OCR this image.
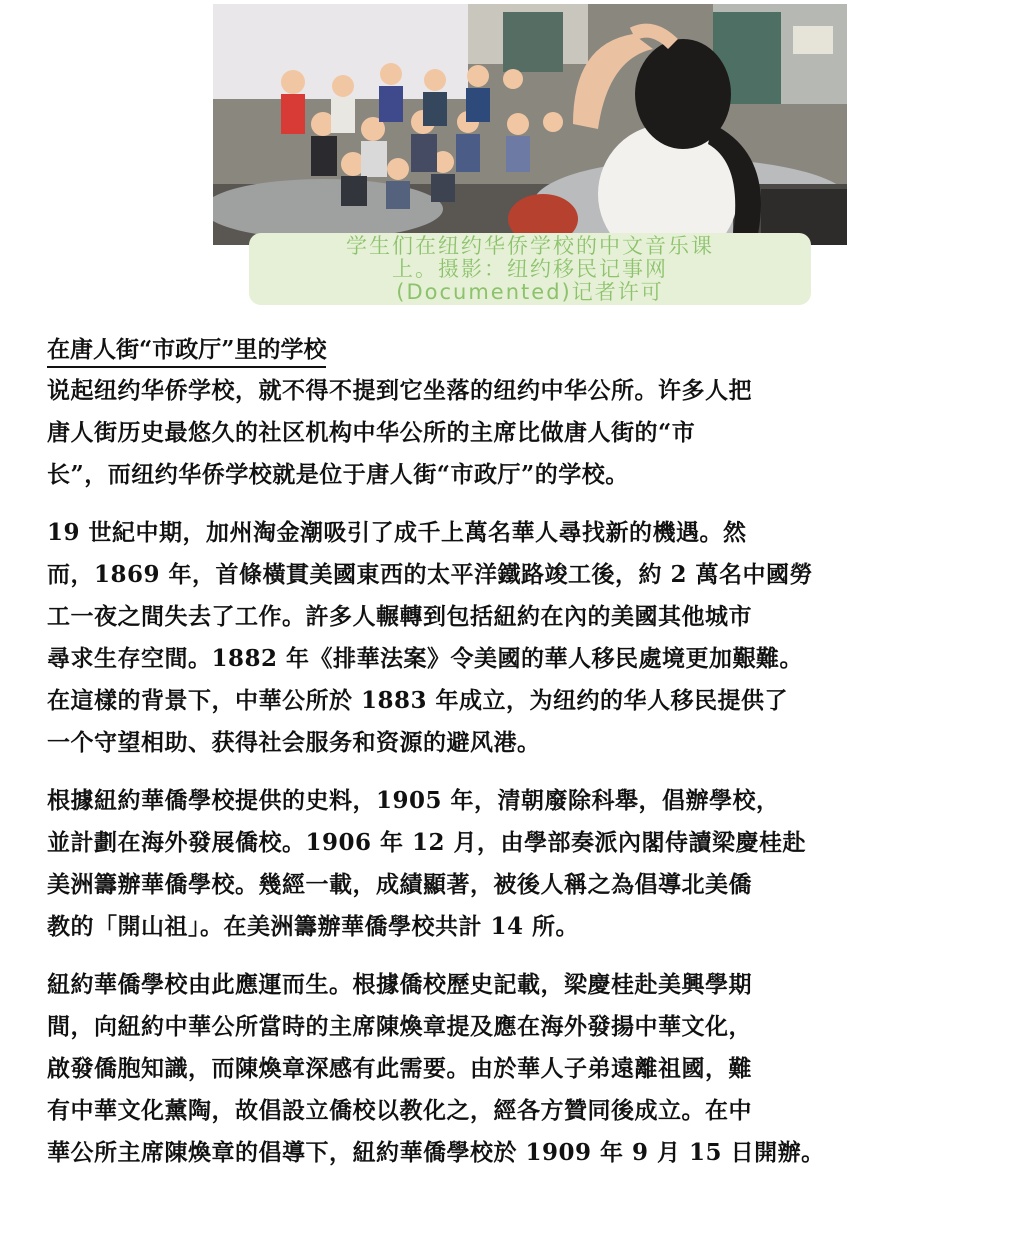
学生们在纽约华侨学校的中文音乐课
上。摄影：纽约移民记事网
(Documented)记者许可
在唐人街“市政厅”里的学校
说起纽约华侨学校，就不得不提到它坐落的纽约中华公所。许多人把
唐人街历史最悠久的社区机构中华公所的主席比做唐人街的“市
长”，而纽约华侨学校就是位于唐人街“市政厅”的学校。
19 世紀中期，加州淘金潮吸引了成千上萬名華人尋找新的機遇。然
而，1869 年，首條橫貫美國東西的太平洋鐵路竣工後，約 2 萬名中國勞
工一夜之間失去了工作。許多人輾轉到包括紐約在內的美國其他城市
尋求生存空間。1882 年《排華法案》令美國的華人移民處境更加艱難。
在這樣的背景下，中華公所於 1883 年成立，为纽约的华人移民提供了
一个守望相助、获得社会服务和资源的避风港。
根據紐約華僑學校提供的史料，1905 年，清朝廢除科舉，倡辦學校，
並計劃在海外發展僑校。1906 年 12 月，由學部奏派內閣侍讀梁慶桂赴
美洲籌辦華僑學校。幾經一載，成績顯著，被後人稱之為倡導北美僑
教的「開山祖」。在美洲籌辦華僑學校共計 14 所。
紐約華僑學校由此應運而生。根據僑校歷史記載，梁慶桂赴美興學期
間，向紐約中華公所當時的主席陳煥章提及應在海外發揚中華文化，
啟發僑胞知識，而陳煥章深感有此需要。由於華人子弟遠離祖國，難
有中華文化薰陶，故倡設立僑校以教化之，經各方贊同後成立。在中
華公所主席陳煥章的倡導下，紐約華僑學校於 1909 年 9 月 15 日開辦。
